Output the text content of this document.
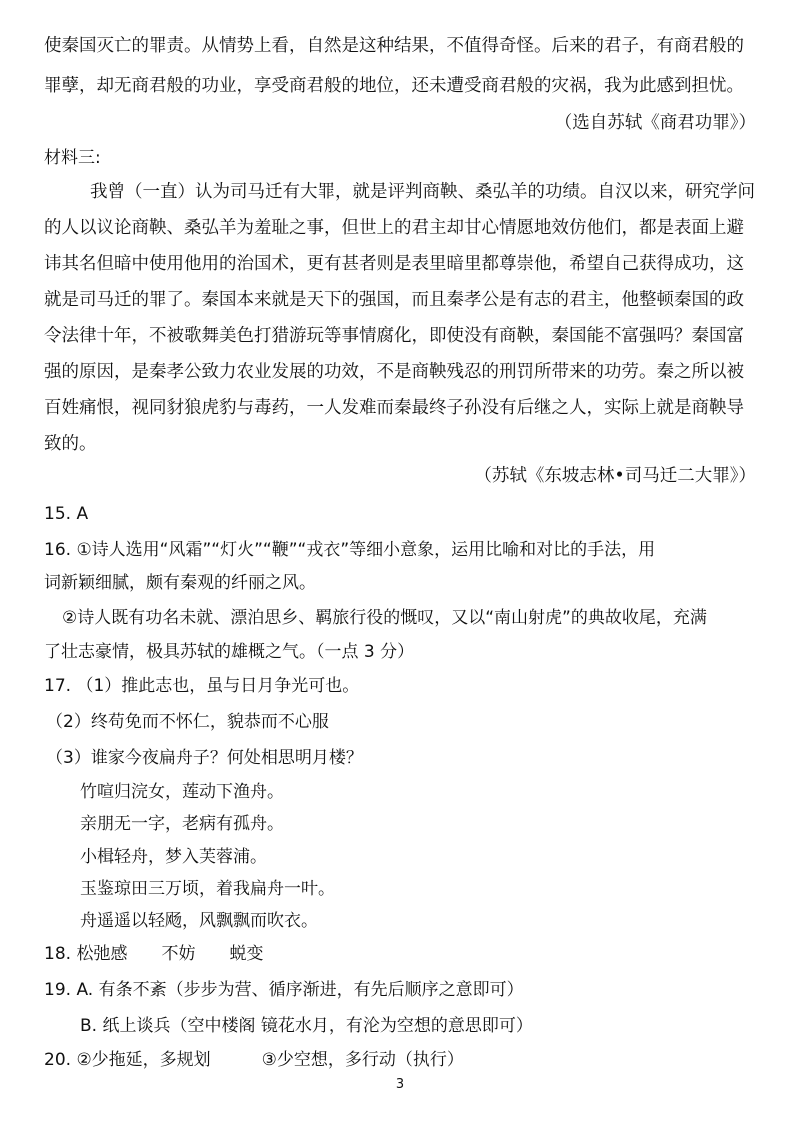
使秦国灭亡的罪责。从情势上看，自然是这种结果，不值得奇怪。后来的君子，有商君般的
罪孽，却无商君般的功业，享受商君般的地位，还未遭受商君般的灾祸，我为此感到担忧。
（选自苏轼《商君功罪》）
材料三:
我曾（一直）认为司马迁有大罪，就是评判商鞅、桑弘羊的功绩。自汉以来，研究学问
的人以议论商鞅、桑弘羊为羞耻之事，但世上的君主却甘心情愿地效仿他们，都是表面上避
讳其名但暗中使用他用的治国术，更有甚者则是表里暗里都尊崇他，希望自己获得成功，这
就是司马迁的罪了。秦国本来就是天下的强国，而且秦孝公是有志的君主，他整顿秦国的政
令法律十年，不被歌舞美色打猎游玩等事情腐化，即使没有商鞅，秦国能不富强吗？秦国富
强的原因，是秦孝公致力农业发展的功效，不是商鞅残忍的刑罚所带来的功劳。秦之所以被
百姓痛恨，视同豺狼虎豹与毒药，一人发难而秦最终子孙没有后继之人，实际上就是商鞅导
致的。
（苏轼《东坡志林•司马迁二大罪》）
15. A
16. ①诗人选用“风霜”“灯火”“鞭”“戎衣”等细小意象，运用比喻和对比的手法，用
词新颖细腻，颇有秦观的纤丽之风。
②诗人既有功名未就、漂泊思乡、羁旅行役的慨叹，又以“南山射虎”的典故收尾，充满
了壮志豪情，极具苏轼的雄概之气。（一点 3 分）
17. （1）推此志也，虽与日月争光可也。
（2）终苟免而不怀仁，貌恭而不心服
（3）谁家今夜扁舟子？何处相思明月楼？
竹喧归浣女，莲动下渔舟。
亲朋无一字，老病有孤舟。
小楫轻舟，梦入芙蓉浦。
玉鉴琼田三万顷，着我扁舟一叶。
舟遥遥以轻飏，风飘飘而吹衣。
18. 松弛感　　不妨　　蜕变
19. A. 有条不紊（步步为营、循序渐进，有先后顺序之意即可）
B. 纸上谈兵（空中楼阁 镜花水月，有沦为空想的意思即可）
20. ②少拖延，多规划　　　③少空想，多行动（执行）
3
